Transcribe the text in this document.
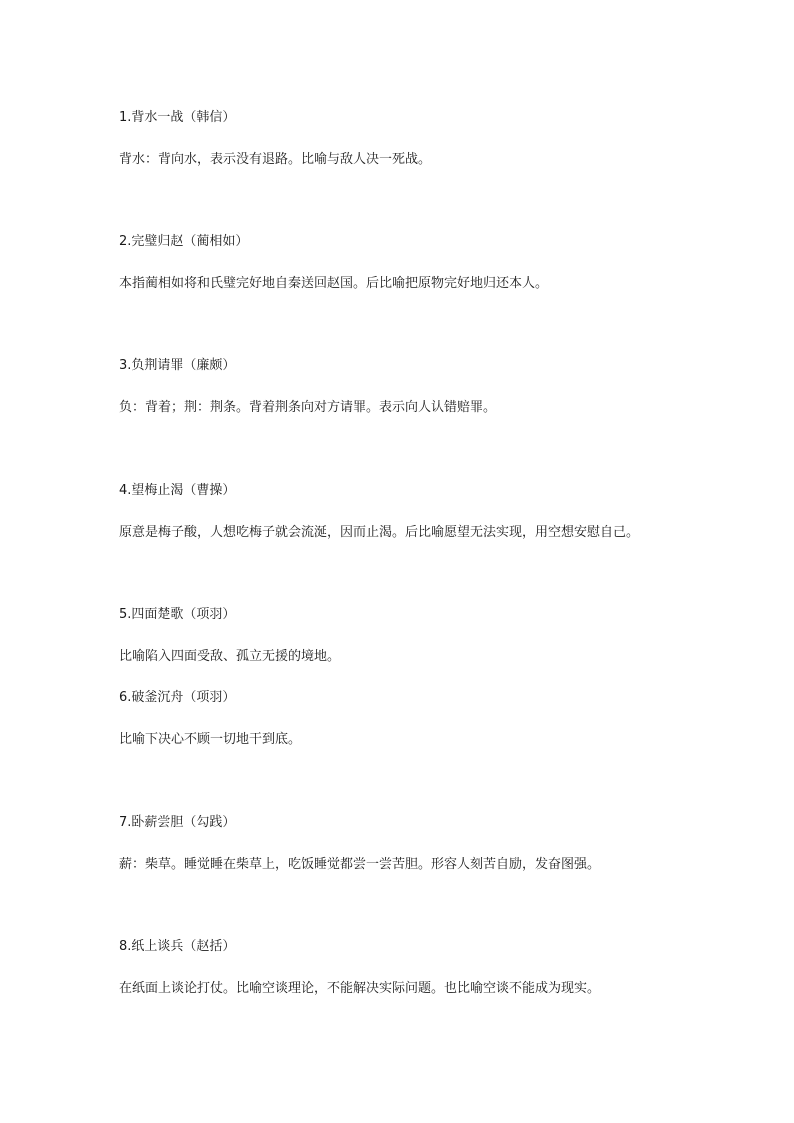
1.背水一战（韩信）
背水：背向水，表示没有退路。比喻与敌人决一死战。
2.完璧归赵（蔺相如）
本指蔺相如将和氏璧完好地自秦送回赵国。后比喻把原物完好地归还本人。
3.负荆请罪（廉颇）
负：背着；荆：荆条。背着荆条向对方请罪。表示向人认错赔罪。
4.望梅止渴（曹操）
原意是梅子酸，人想吃梅子就会流涎，因而止渴。后比喻愿望无法实现，用空想安慰自己。
5.四面楚歌（项羽）
比喻陷入四面受敌、孤立无援的境地。
6.破釜沉舟（项羽）
比喻下决心不顾一切地干到底。
7.卧薪尝胆（勾践）
薪：柴草。睡觉睡在柴草上，吃饭睡觉都尝一尝苦胆。形容人刻苦自励，发奋图强。
8.纸上谈兵（赵括）
在纸面上谈论打仗。比喻空谈理论，不能解决实际问题。也比喻空谈不能成为现实。
